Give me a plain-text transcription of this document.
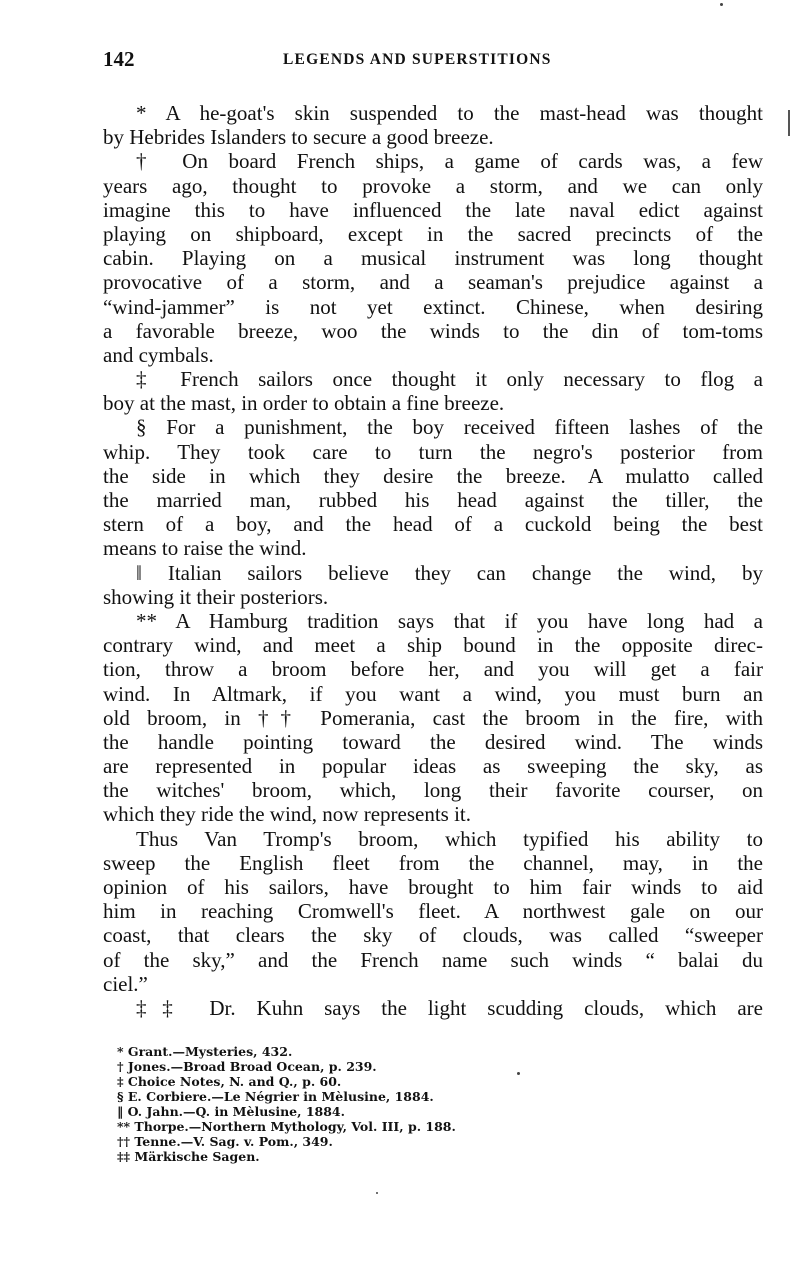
142	LEGENDS AND SUPERSTITIONS
* A he-goat's skin suspended to the mast-head was thought
by Hebrides Islanders to secure a good breeze.
† On board French ships, a game of cards was, a few
years ago, thought to provoke a storm, and we can only
imagine this to have influenced the late naval edict against
playing on shipboard, except in the sacred precincts of the
cabin. Playing on a musical instrument was long thought
provocative of a storm, and a seaman's prejudice against a
“wind-jammer” is not yet extinct. Chinese, when desiring
a favorable breeze, woo the winds to the din of tom-toms
and cymbals.
‡ French sailors once thought it only necessary to flog a
boy at the mast, in order to obtain a fine breeze.
§ For a punishment, the boy received fifteen lashes of the
whip. They took care to turn the negro's posterior from
the side in which they desire the breeze. A mulatto called
the married man, rubbed his head against the tiller, the
stern of a boy, and the head of a cuckold being the best
means to raise the wind.
‖ Italian sailors believe they can change the wind, by
showing it their posteriors.
** A Hamburg tradition says that if you have long had a
contrary wind, and meet a ship bound in the opposite direc-
tion, throw a broom before her, and you will get a fair
wind. In Altmark, if you want a wind, you must burn an
old broom, in †† Pomerania, cast the broom in the fire, with
the handle pointing toward the desired wind. The winds
are represented in popular ideas as sweeping the sky, as
the witches' broom, which, long their favorite courser, on
which they ride the wind, now represents it.
Thus Van Tromp's broom, which typified his ability to
sweep the English fleet from the channel, may, in the
opinion of his sailors, have brought to him fair winds to aid
him in reaching Cromwell's fleet. A northwest gale on our
coast, that clears the sky of clouds, was called “sweeper
of the sky,” and the French name such winds “ balai du
ciel.”
‡‡ Dr. Kuhn says the light scudding clouds, which are
* Grant.—Mysteries, 432.
† Jones.—Broad Broad Ocean, p. 239.
‡ Choice Notes, N. and Q., p. 60.
§ E. Corbiere.—Le Négrier in Mèlusine, 1884.
‖ O. Jahn.—Q. in Mèlusine, 1884.
** Thorpe.—Northern Mythology, Vol. III, p. 188.
†† Tenne.—V. Sag. v. Pom., 349.
‡‡ Märkische Sagen.
